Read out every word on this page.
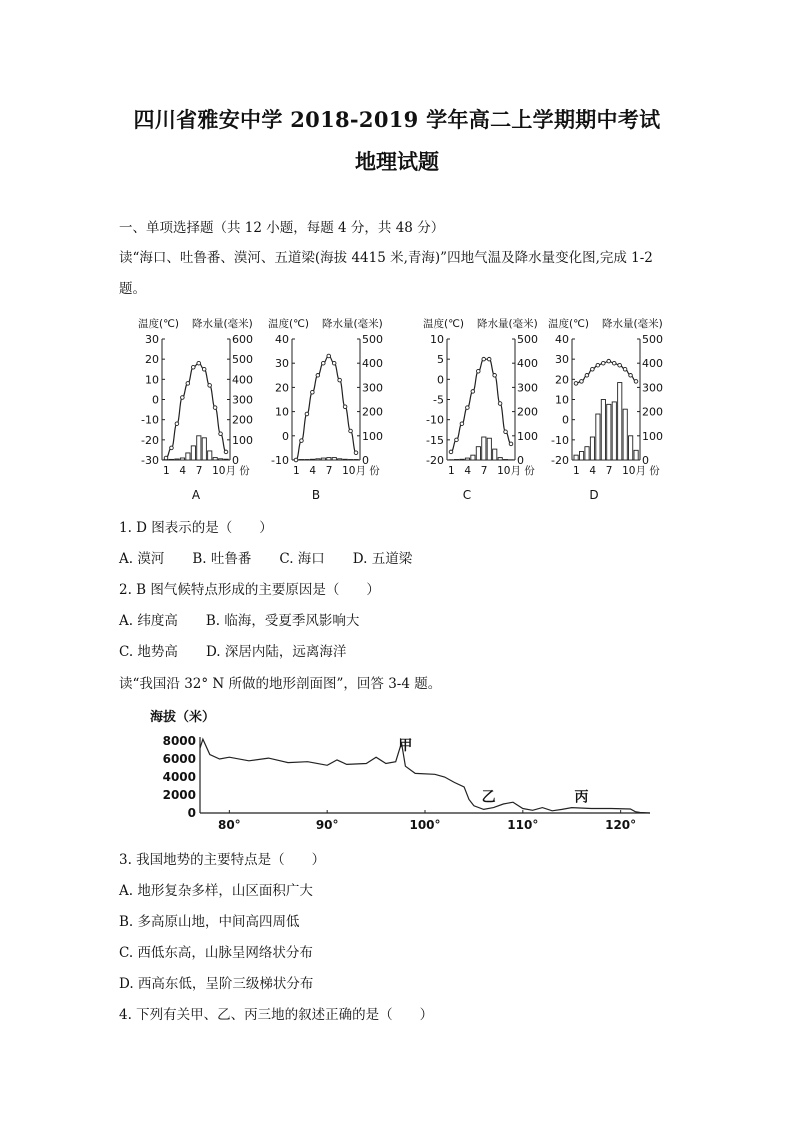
四川省雅安中学 2018-2019 学年高二上学期期中考试
地理试题
一、单项选择题（共 12 小题，每题 4 分，共 48 分）
读“海口、吐鲁番、漠河、五道梁(海拔 4415 米,青海)”四地气温及降水量变化图,完成 1-2
题。
温度(℃) 降水量(毫米)
-30
-20
-10
0
10
20
30
0
100
200
300
400
500
600
1 4 7 10月 份
温度(℃) 降水量(毫米)
-10
0
10
20
30
40
0
100
200
300
400
500
1 4 7 10月 份
温度(℃) 降水量(毫米)
-20
-15
-10
-5
0
5
10
0
100
200
300
400
500
1 4 7 10月 份
温度(℃) 降水量(毫米)
-20
-10
0
10
20
30
40
0
100
200
300
400
500
1 4 7 10月 份
A	B	C	D
1. D 图表示的是（　　）
A. 漠河 B. 吐鲁番 C. 海口 D. 五道梁
2. B 图气候特点形成的主要原因是（　　）
A. 纬度高 B. 临海，受夏季风影响大
C. 地势高 D. 深居内陆，远离海洋
读“我国沿 32° N 所做的地形剖面图”，回答 3-4 题。
海拔（米）
0
2000
4000
6000
8000
80°	90°	100°	110°	120°
甲
乙	丙
3. 我国地势的主要特点是（　　）
A. 地形复杂多样，山区面积广大
B. 多高原山地，中间高四周低
C. 西低东高，山脉呈网络状分布
D. 西高东低，呈阶三级梯状分布
4. 下列有关甲、乙、丙三地的叙述正确的是（　　）
